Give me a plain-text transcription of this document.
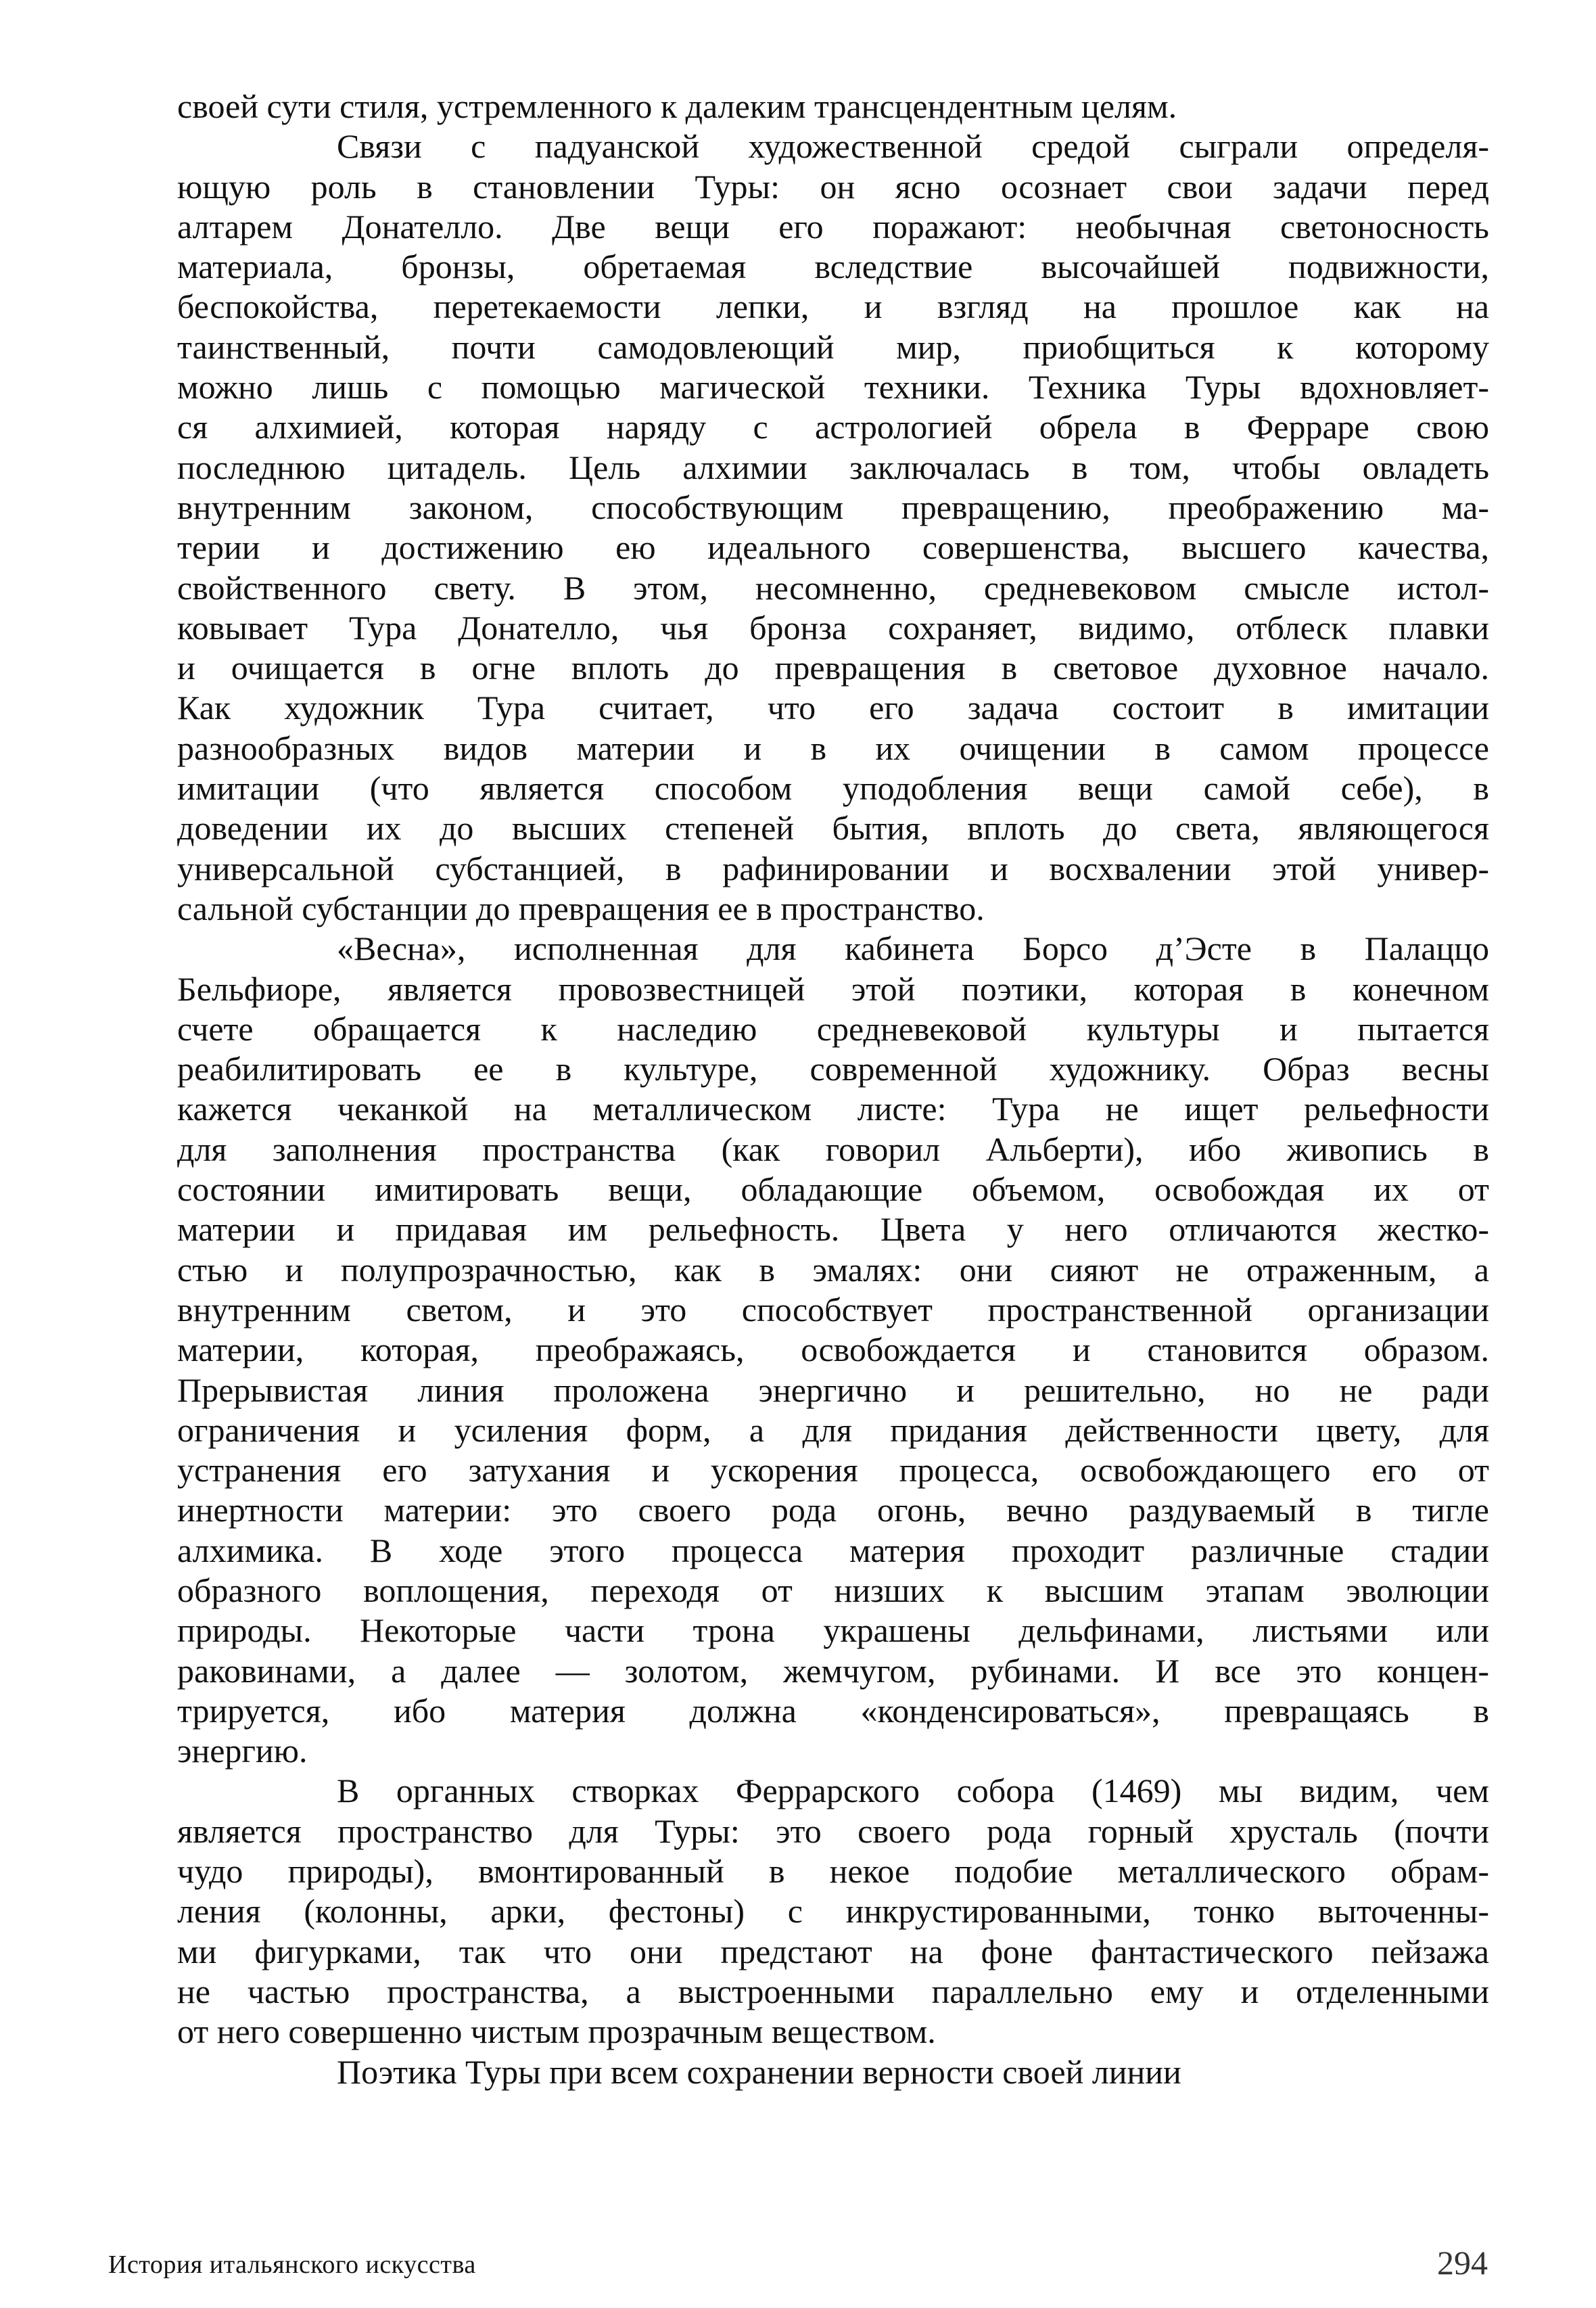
своей сути стиля, устремленного к далеким трансцендентным целям.

Связи с падуанской художественной средой сыграли определя-
ющую роль в становлении Туры: он ясно осознает свои задачи перед
алтарем Донателло. Две вещи его поражают: необычная светоносность
материала, бронзы, обретаемая вследствие высочайшей подвижности,
беспокойства, перетекаемости лепки, и взгляд на прошлое как на
таинственный, почти самодовлеющий мир, приобщиться к которому
можно лишь с помощью магической техники. Техника Туры вдохновляет-
ся алхимией, которая наряду с астрологией обрела в Ферраре свою
последнюю цитадель. Цель алхимии заключалась в том, чтобы овладеть
внутренним законом, способствующим превращению, преображению ма-
терии и достижению ею идеального совершенства, высшего качества,
свойственного свету. В этом, несомненно, средневековом смысле истол-
ковывает Тура Донателло, чья бронза сохраняет, видимо, отблеск плавки
и очищается в огне вплоть до превращения в световое духовное начало.
Как художник Тура считает, что его задача состоит в имитации
разнообразных видов материи и в их очищении в самом процессе
имитации (что является способом уподобления вещи самой себе), в
доведении их до высших степеней бытия, вплоть до света, являющегося
универсальной субстанцией, в рафинировании и восхвалении этой универ-
сальной субстанции до превращения ее в пространство.

«Весна», исполненная для кабинета Борсо д’Эсте в Палаццо
Бельфиоре, является провозвестницей этой поэтики, которая в конечном
счете обращается к наследию средневековой культуры и пытается
реабилитировать ее в культуре, современной художнику. Образ весны
кажется чеканкой на металлическом листе: Тура не ищет рельефности
для заполнения пространства (как говорил Альберти), ибо живопись в
состоянии имитировать вещи, обладающие объемом, освобождая их от
материи и придавая им рельефность. Цвета у него отличаются жестко-
стью и полупрозрачностью, как в эмалях: они сияют не отраженным, а
внутренним светом, и это способствует пространственной организации
материи, которая, преображаясь, освобождается и становится образом.
Прерывистая линия проложена энергично и решительно, но не ради
ограничения и усиления форм, а для придания действенности цвету, для
устранения его затухания и ускорения процесса, освобождающего его от
инертности материи: это своего рода огонь, вечно раздуваемый в тигле
алхимика. В ходе этого процесса материя проходит различные стадии
образного воплощения, переходя от низших к высшим этапам эволюции
природы. Некоторые части трона украшены дельфинами, листьями или
раковинами, а далее — золотом, жемчугом, рубинами. И все это концен-
трируется, ибо материя должна «конденсироваться», превращаясь в
энергию.

В органных створках Феррарского собора (1469) мы видим, чем
является пространство для Туры: это своего рода горный хрусталь (почти
чудо природы), вмонтированный в некое подобие металлического обрам-
ления (колонны, арки, фестоны) с инкрустированными, тонко выточенны-
ми фигурками, так что они предстают на фоне фантастического пейзажа
не частью пространства, а выстроенными параллельно ему и отделенными
от него совершенно чистым прозрачным веществом.

Поэтика Туры при всем сохранении верности своей линии

История итальянского искусства	294
